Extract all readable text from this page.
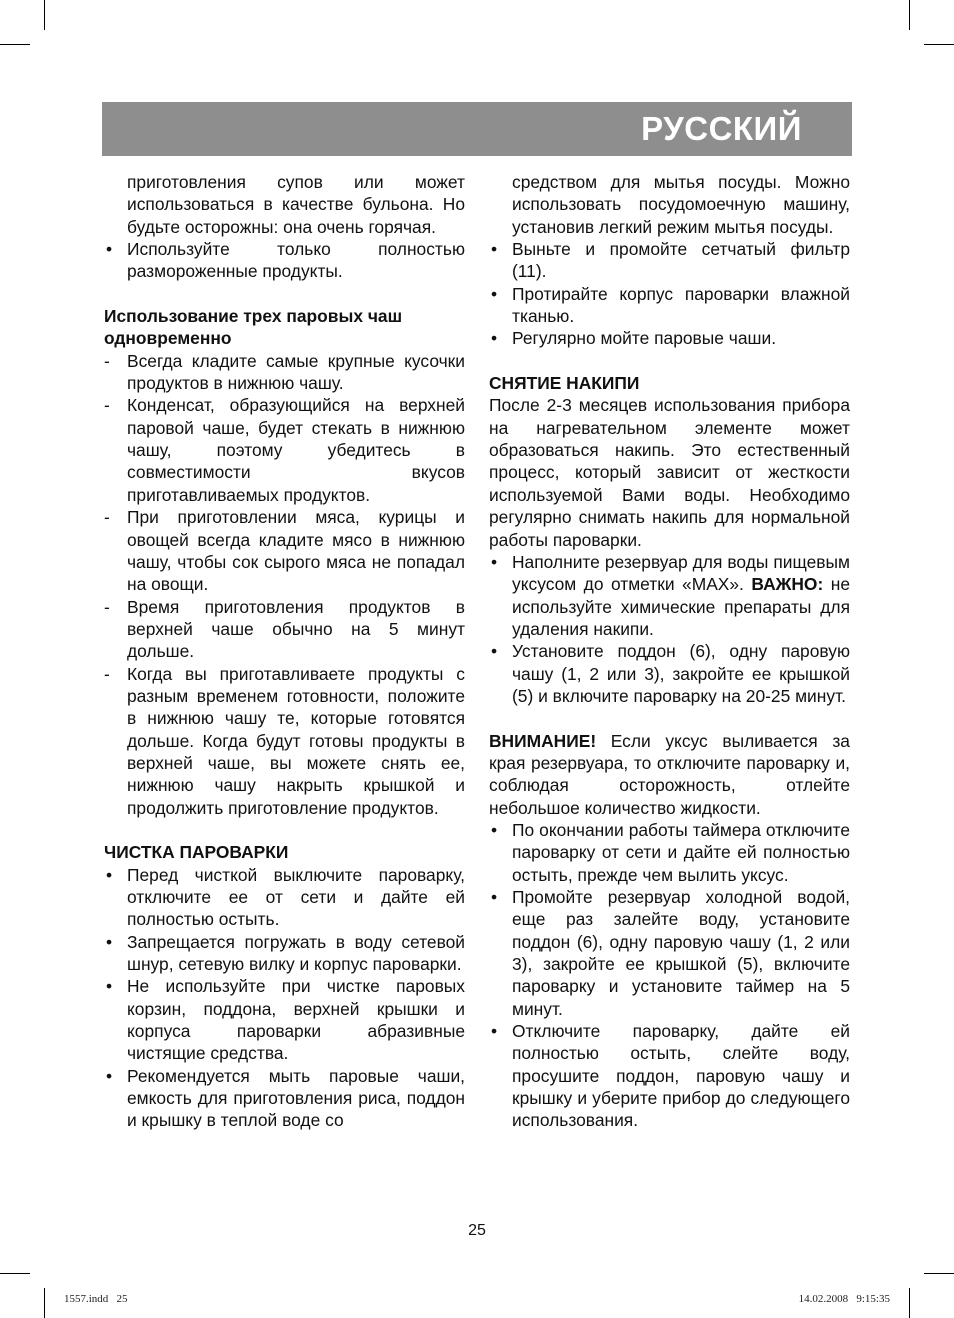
РУССКИЙ
приготовления супов или может использоваться в качестве бульона. Но будьте осторожны: она очень горячая.
• Используйте только полностью размороженные продукты.
Использование трех паровых чаш
одновременно
- Всегда кладите самые крупные кусочки продуктов в нижнюю чашу.
- Конденсат, образующийся на верхней паровой чаше, будет стекать в нижнюю чашу, поэтому убедитесь в совместимости вкусов приготавливаемых продуктов.
- При приготовлении мяса, курицы и овощей всегда кладите мясо в нижнюю чашу, чтобы сок сырого мяса не попадал на овощи.
- Время приготовления продуктов в верхней чаше обычно на 5 минут дольше.
- Когда вы приготавливаете продукты с разным временем готовности, положите в нижнюю чашу те, которые готовятся дольше. Когда будут готовы продукты в верхней чаше, вы можете снять ее, нижнюю чашу накрыть крышкой и продолжить приготовление продуктов.
ЧИСТКА ПАРОВАРКИ
• Перед чисткой выключите пароварку, отключите ее от сети и дайте ей полностью остыть.
• Запрещается погружать в воду сетевой шнур, сетевую вилку и корпус пароварки.
• Не используйте при чистке паровых корзин, поддона, верхней крышки и корпуса пароварки абразивные чистящие средства.
• Рекомендуется мыть паровые чаши, емкость для приготовления риса, поддон и крышку в теплой воде со
средством для мытья посуды. Можно использовать посудомоечную машину, установив легкий режим мытья посуды.
• Выньте и промойте сетчатый фильтр (11).
• Протирайте корпус пароварки влажной тканью.
• Регулярно мойте паровые чаши.
СНЯТИЕ НАКИПИ
После 2-3 месяцев использования прибора на нагревательном элементе может образоваться накипь. Это естественный процесс, который зависит от жесткости используемой Вами воды. Необходимо регулярно снимать накипь для нормальной работы пароварки.
• Наполните резервуар для воды пищевым уксусом до отметки «MAX». ВАЖНО: не используйте химические препараты для удаления накипи.
• Установите поддон (6), одну паровую чашу (1, 2 или 3), закройте ее крышкой (5) и включите пароварку на 20-25 минут.
ВНИМАНИЕ! Если уксус выливается за края резервуара, то отключите пароварку и, соблюдая осторожность, отлейте небольшое количество жидкости.
• По окончании работы таймера отключите пароварку от сети и дайте ей полностью остыть, прежде чем вылить уксус.
• Промойте резервуар холодной водой, еще раз залейте воду, установите поддон (6), одну паровую чашу (1, 2 или 3), закройте ее крышкой (5), включите пароварку и установите таймер на 5 минут.
• Отключите пароварку, дайте ей полностью остыть, слейте воду, просушите поддон, паровую чашу и крышку и уберите прибор до следующего использования.
25
1557.indd   25	14.02.2008   9:15:35
